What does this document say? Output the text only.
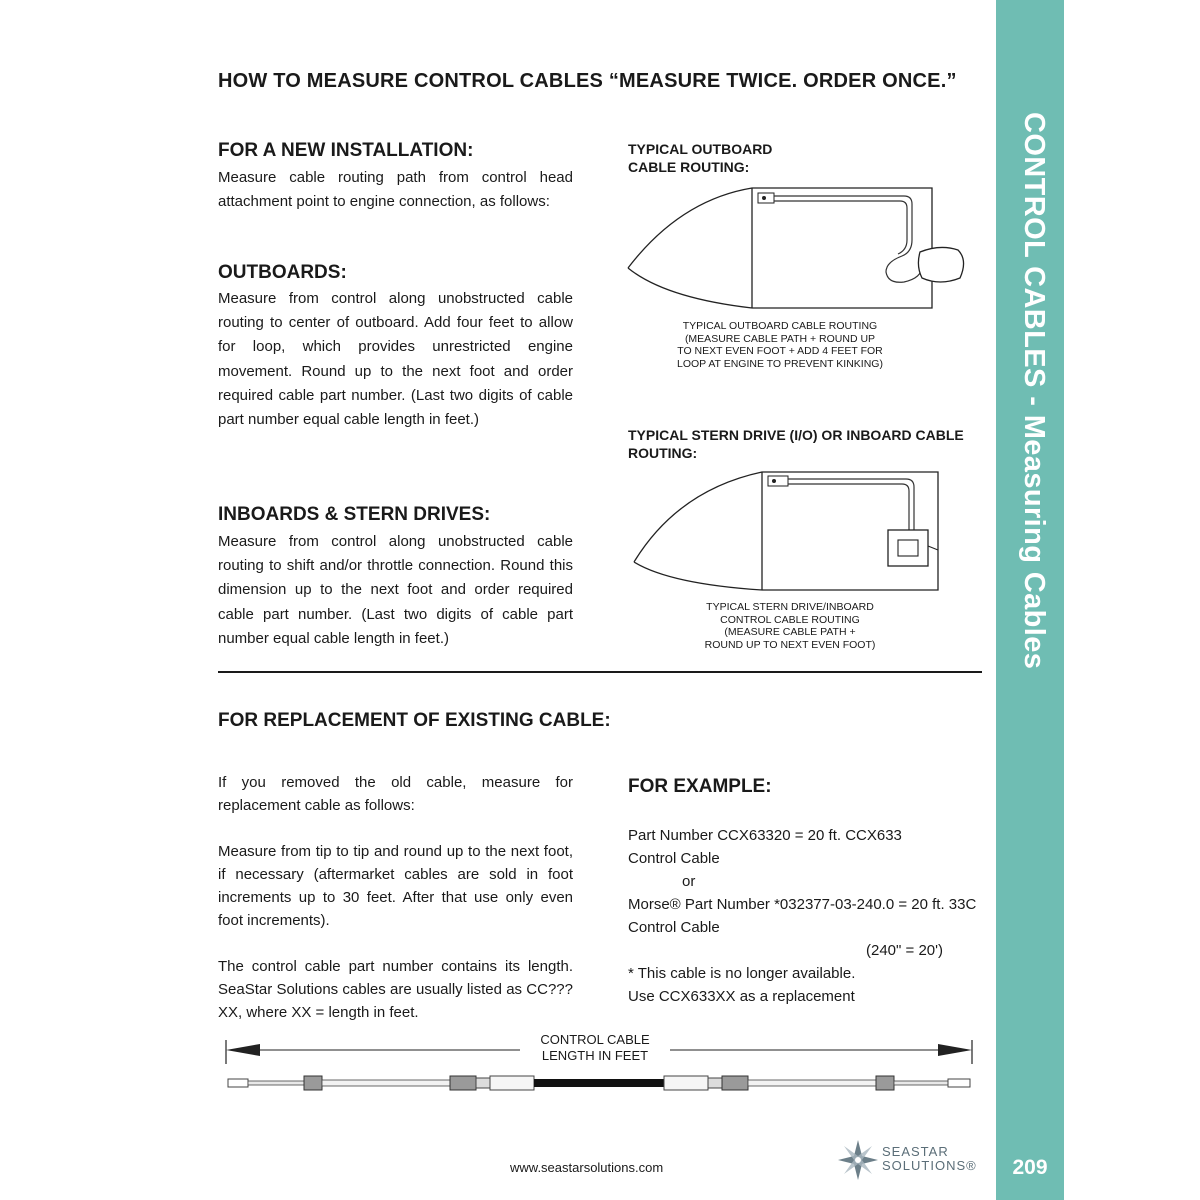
HOW TO MEASURE CONTROL CABLES “MEASURE TWICE. ORDER ONCE.”
CONTROL CABLES - Measuring Cables
209
FOR A NEW INSTALLATION:
Measure cable routing path from control head attachment point to engine connection, as follows:
OUTBOARDS:
Measure from control along unobstructed cable routing to center of outboard. Add four feet to allow for loop, which provides unrestricted engine movement. Round up to the next foot and order required cable part number. (Last two digits of cable part number equal cable length in feet.)
INBOARDS & STERN DRIVES:
Measure from control along unobstructed cable routing to shift and/or throttle connection. Round this dimension up to the next foot and order required cable part number. (Last two digits of cable part number equal cable length in feet.)
TYPICAL OUTBOARD
CABLE ROUTING:
TYPICAL OUTBOARD CABLE ROUTING
(MEASURE CABLE PATH + ROUND UP
TO NEXT EVEN FOOT + ADD 4 FEET FOR
LOOP AT ENGINE TO PREVENT KINKING)
TYPICAL STERN DRIVE (I/O) OR INBOARD CABLE
ROUTING:
TYPICAL STERN DRIVE/INBOARD
CONTROL CABLE ROUTING
(MEASURE CABLE PATH +
ROUND UP TO NEXT EVEN FOOT)
FOR REPLACEMENT OF EXISTING CABLE:

If you removed the old cable, measure for replacement cable as follows:

Measure from tip to tip and round up to the next foot, if necessary (aftermarket cables are sold in foot increments up to 30 feet. After that use only even foot increments).

The control cable part number contains its length. SeaStar Solutions cables are usually listed as CC???XX, where XX = length in feet.

FOR EXAMPLE:
Part Number CCX63320 = 20 ft. CCX633
Control Cable
or
Morse® Part Number *032377-03-240.0 = 20 ft. 33C
Control Cable
(240" = 20')
* This cable is no longer available.
Use CCX633XX as a replacement
CONTROL CABLE
LENGTH IN FEET
www.seastarsolutions.com
SEASTAR
SOLUTIONS®
